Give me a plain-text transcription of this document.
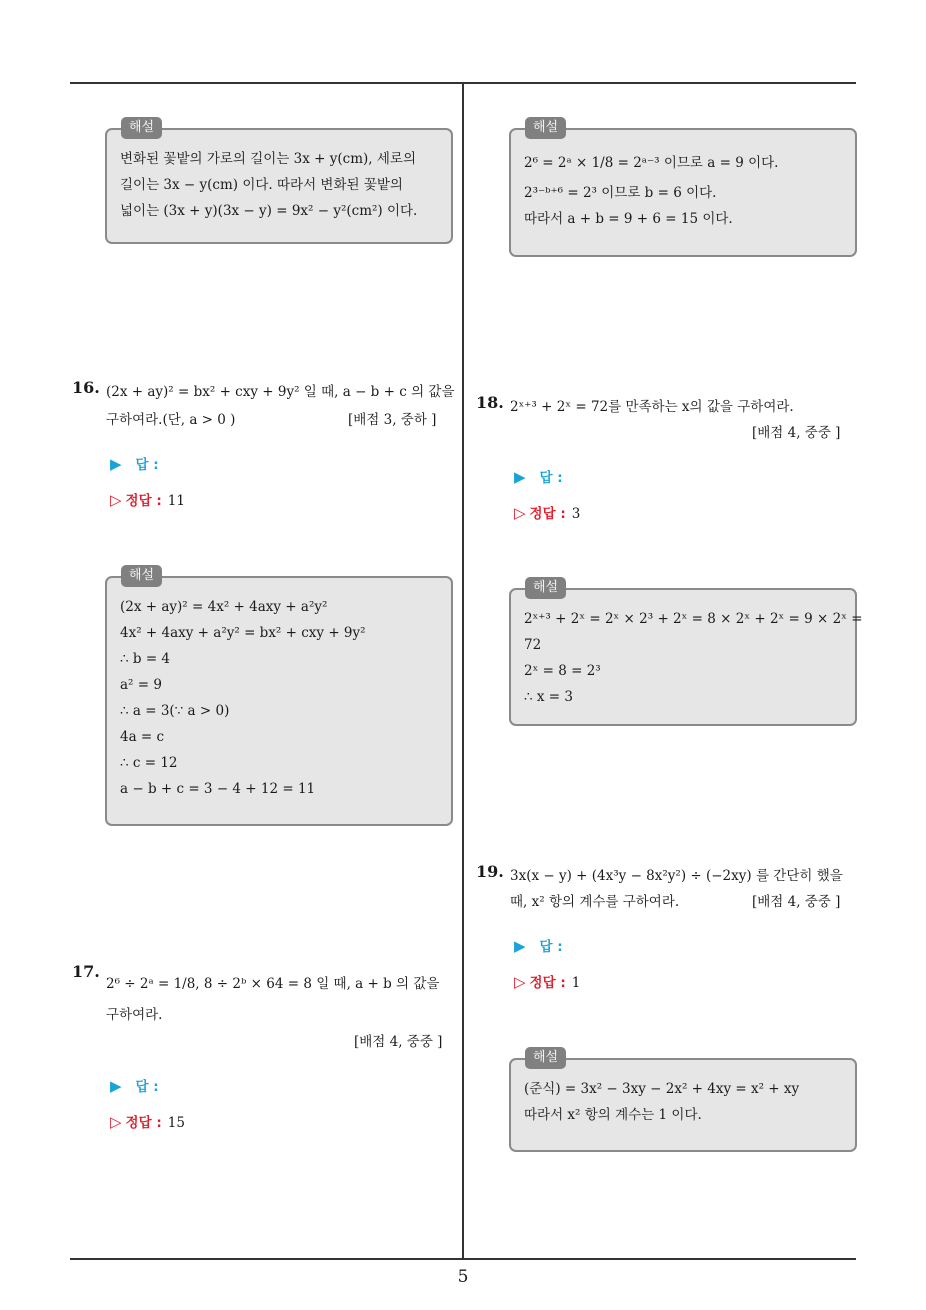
해설
변화된 꽃밭의 가로의 길이는 3x + y(cm), 세로의
길이는 3x − y(cm) 이다. 따라서 변화된 꽃밭의
넓이는 (3x + y)(3x − y) = 9x² − y²(cm²) 이다.
16. (2x + ay)² = bx² + cxy + 9y² 일 때, a − b + c 의 값을
구하여라.(단, a > 0 )	[배점 3, 중하 ]
▶ 답 :
▷ 정답 : 11
해설
(2x + ay)² = 4x² + 4axy + a²y²
4x² + 4axy + a²y² = bx² + cxy + 9y²
∴ b = 4
a² = 9
∴ a = 3(∵ a > 0)
4a = c
∴ c = 12
a − b + c = 3 − 4 + 12 = 11
17.
2⁶ ÷ 2ᵃ = 1/8, 8 ÷ 2ᵇ × 64 = 8 일 때, a + b 의 값을
구하여라.
[배점 4, 중중 ]
▶ 답 :
▷ 정답 : 15
해설
2⁶ = 2ᵃ × 1/8 = 2ᵃ⁻³ 이므로 a = 9 이다.
2³⁻ᵇ⁺⁶ = 2³ 이므로 b = 6 이다.
따라서 a + b = 9 + 6 = 15 이다.
18. 2ˣ⁺³ + 2ˣ = 72를 만족하는 x의 값을 구하여라.
[배점 4, 중중 ]
▶ 답 :
▷ 정답 : 3
해설
2ˣ⁺³ + 2ˣ = 2ˣ × 2³ + 2ˣ = 8 × 2ˣ + 2ˣ = 9 × 2ˣ =
72
2ˣ = 8 = 2³
∴ x = 3
19. 3x(x − y) + (4x³y − 8x²y²) ÷ (−2xy) 를 간단히 했을
때, x² 항의 계수를 구하여라.	[배점 4, 중중 ]
▶ 답 :
▷ 정답 : 1
해설
(준식) = 3x² − 3xy − 2x² + 4xy = x² + xy
따라서 x² 항의 계수는 1 이다.
5
